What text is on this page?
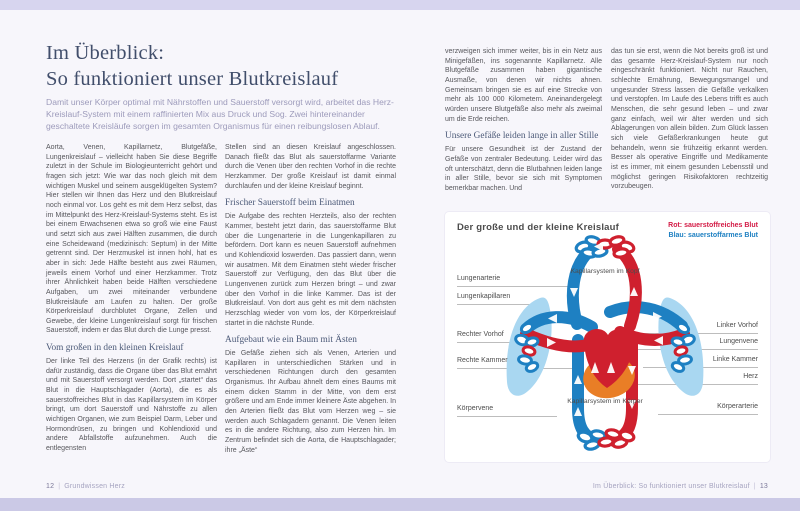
Im Überblick:
So funktioniert unser Blutkreislauf

Damit unser Körper optimal mit Nährstoffen und Sauerstoff versorgt wird, arbeitet das Herz-Kreislauf-System mit einem raffinierten Mix aus Druck und Sog. Zwei hintereinander geschaltete Kreisläufe sorgen im gesamten Organismus für einen reibungslosen Ablauf.

Aorta, Venen, Kapillarnetz, Blutgefäße, Lungenkreislauf – vielleicht haben Sie diese Begriffe zuletzt in der Schule im Biologieunterricht gehört und fragen sich jetzt: Wie war das noch gleich mit dem wichtigen Muskel und seinem ausgeklügelten System? Hier stellen wir Ihnen das Herz und den Blutkreislauf noch einmal vor. Los geht es mit dem Herz selbst, das im Mittelpunkt des Herz-Kreislauf-Systems steht. Es ist bei einem Erwachsenen etwa so groß wie eine Faust und setzt sich aus zwei Hälften zusammen, die durch eine Scheidewand (medizinisch: Septum) in der Mitte getrennt sind. Der Herzmuskel ist innen hohl, hat es aber in sich: Jede Hälfte besteht aus zwei Räumen, jeweils einem Vorhof und einer Herzkammer. Trotz ihrer Ähnlichkeit haben beide Hälften verschiedene Aufgaben, um zwei miteinander verbundene Blutkreisläufe am Laufen zu halten. Der große Körperkreislauf durchblutet Organe, Zellen und Gewebe, der kleine Lungenkreislauf sorgt für frischen Sauerstoff, indem er das Blut durch die Lunge presst.

Vom großen in den kleinen Kreislauf

Der linke Teil des Herzens (in der Grafik rechts) ist dafür zuständig, dass die Organe über das Blut ernährt und mit Sauerstoff versorgt werden. Dort „startet“ das Blut in die Hauptschlagader (Aorta), die es als sauerstoffreiches Blut in das Kapillarsystem im Körper bringt, um dort Sauerstoff und Nährstoffe zu allen wichtigen Organen, wie zum Beispiel Darm, Leber und Hormondrüsen, zu bringen und Kohlendioxid und andere Abfallstoffe aufzunehmen. Auch die entlegensten

Stellen sind an diesen Kreislauf angeschlossen. Danach fließt das Blut als sauerstoffarme Variante durch die Venen über den rechten Vorhof in die rechte Herzkammer. Der große Kreislauf ist damit einmal durchlaufen und der kleine Kreislauf beginnt.

Frischer Sauerstoff beim Einatmen

Die Aufgabe des rechten Herzteils, also der rechten Kammer, besteht jetzt darin, das sauerstoffarme Blut über die Lungenarterie in die Lungenkapillaren zu befördern. Dort kann es neuen Sauerstoff aufnehmen und Kohlendioxid loswerden. Das passiert dann, wenn wir ausatmen. Mit dem Einatmen steht wieder frischer Sauerstoff zur Verfügung, den das Blut über die Lungenvenen zurück zum Herzen bringt – und zwar über den Vorhof in die linke Kammer. Das ist der Blutkreislauf. Von dort aus geht es mit dem nächsten Herzschlag wieder von vorn los, der Körperkreislauf startet in die nächste Runde.

Aufgebaut wie ein Baum mit Ästen

Die Gefäße ziehen sich als Venen, Arterien und Kapillaren in unterschiedlichen Stärken und in verschiedenen Richtungen durch den gesamten Organismus. Ihr Aufbau ähnelt dem eines Baums mit einem dicken Stamm in der Mitte, von dem erst größere und am Ende immer kleinere Äste abgehen. In den Arterien fließt das Blut vom Herzen weg – sie werden auch Schlagadern genannt. Die Venen leiten es in die andere Richtung, also zum Herzen hin. Im Zentrum befindet sich die Aorta, die Hauptschlagader; ihre „Äste“

12 | Grundwissen Herz

verzweigen sich immer weiter, bis in ein Netz aus Minigefäßen, ins sogenannte Kapillarnetz. Alle Blutgefäße zusammen haben gigantische Ausmaße, von denen wir nichts ahnen. Gemeinsam bringen sie es auf eine Strecke von mehr als 100 000 Kilometern. Aneinandergelegt würden unsere Blutgefäße also mehr als zweimal um die Erde reichen.

Unsere Gefäße leiden lange in aller Stille

Für unsere Gesundheit ist der Zustand der Gefäße von zentraler Bedeutung. Leider wird das oft unterschätzt, denn die Blutbahnen leiden lange in aller Stille, bevor sie sich mit Symptomen bemerkbar machen. Und

das tun sie erst, wenn die Not bereits groß ist und das gesamte Herz-Kreislauf-System nur noch eingeschränkt funktioniert. Nicht nur Rauchen, schlechte Ernährung, Bewegungsmangel und ungesunder Stress lassen die Gefäße verkalken und verstopfen. Im Laufe des Lebens trifft es auch Menschen, die sehr gesund leben – und zwar ganz einfach, weil wir älter werden und sich Ablagerungen von allein bilden. Zum Glück lassen sich viele Gefäßerkrankungen heute gut behandeln, wenn sie frühzeitig erkannt werden. Besser als operative Eingriffe und Medikamente ist es immer, mit einem gesunden Lebensstil und möglichst geringen Risikofaktoren rechtzeitig vorzubeugen.

Der große und der kleine Kreislauf	Rot: sauerstoffreiches Blut
Blau: sauerstoffarmes Blut
Lungenarterie
Lungenkapillaren
Rechter Vorhof
Rechte Kammer
Körpervene
Linker Vorhof
Lungenvene
Linke Kammer
Herz
Körperarterie
Kapillarsystem im Kopf
Kapillarsystem im Körper
Im Überblick: So funktioniert unser Blutkreislauf | 13
